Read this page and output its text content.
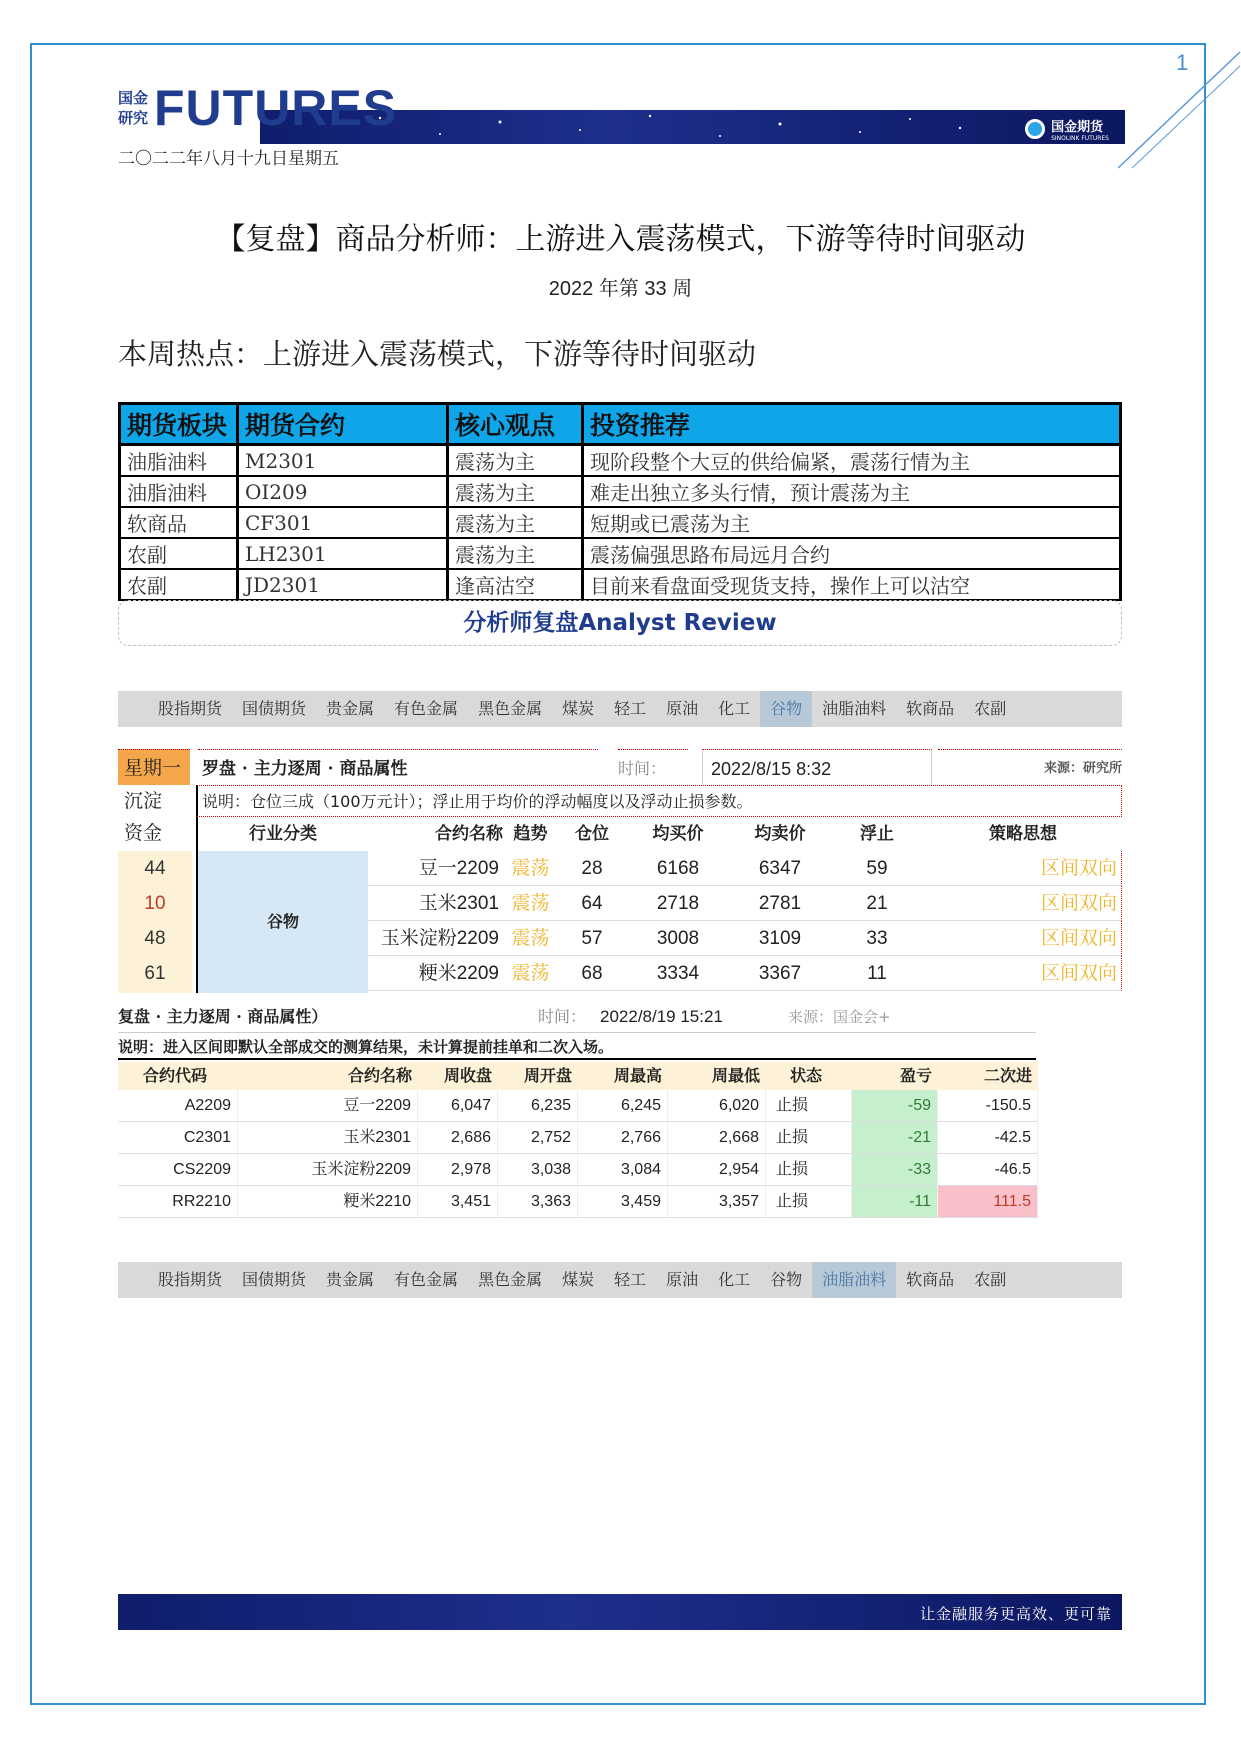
1
国金期货
SINOLINK FUTURES
国金
研究 FUTURES
二〇二二年八月十九日星期五
【复盘】商品分析师：上游进入震荡模式，下游等待时间驱动
2022 年第 33 周
本周热点：上游进入震荡模式，下游等待时间驱动
期货板块	期货合约	核心观点	投资推荐
油脂油料	M2301	震荡为主	现阶段整个大豆的供给偏紧，震荡行情为主
油脂油料	OI209	震荡为主	难走出独立多头行情，预计震荡为主
软商品	CF301	震荡为主	短期或已震荡为主
农副	LH2301	震荡为主	震荡偏强思路布局远月合约
农副	JD2301	逢高沽空	目前来看盘面受现货支持，操作上可以沽空
分析师复盘Analyst Review
股指期货	国债期货	贵金属	有色金属	黑色金属	煤炭	轻工	原油	化工	谷物	油脂油料	软商品	农副
星期一
沉淀
资金
罗盘 · 主力逐周 · 商品属性	时间：	2022/8/15 8:32	来源：研究所
说明：仓位三成（100万元计）；浮止用于均价的浮动幅度以及浮动止损参数。
行业分类	合约名称 趋势	仓位	均买价	均卖价	浮止	策略思想
谷物
44	豆一2209 震荡	28	6168	6347	59	区间双向
10	玉米2301 震荡	64	2718	2781	21	区间双向
48	玉米淀粉2209 震荡	57	3008	3109	33	区间双向
61	粳米2209 震荡	68	3334	3367	11	区间双向
复盘 · 主力逐周 · 商品属性）	时间： 2022/8/19 15:21	来源：国金会+
说明：进入区间即默认全部成交的测算结果，未计算提前挂单和二次入场。
合约代码	合约名称	周收盘	周开盘	周最高	周最低	状态	盈亏	二次进
A2209	豆一2209	6,047	6,235	6,245	6,020	止损	-59	-150.5
C2301	玉米2301	2,686	2,752	2,766	2,668	止损	-21	-42.5
CS2209	玉米淀粉2209	2,978	3,038	3,084	2,954	止损	-33	-46.5
RR2210	粳米2210	3,451	3,363	3,459	3,357	止损	-11	111.5
股指期货	国债期货	贵金属	有色金属	黑色金属	煤炭	轻工	原油	化工	谷物	油脂油料	软商品	农副
让金融服务更高效、更可靠
